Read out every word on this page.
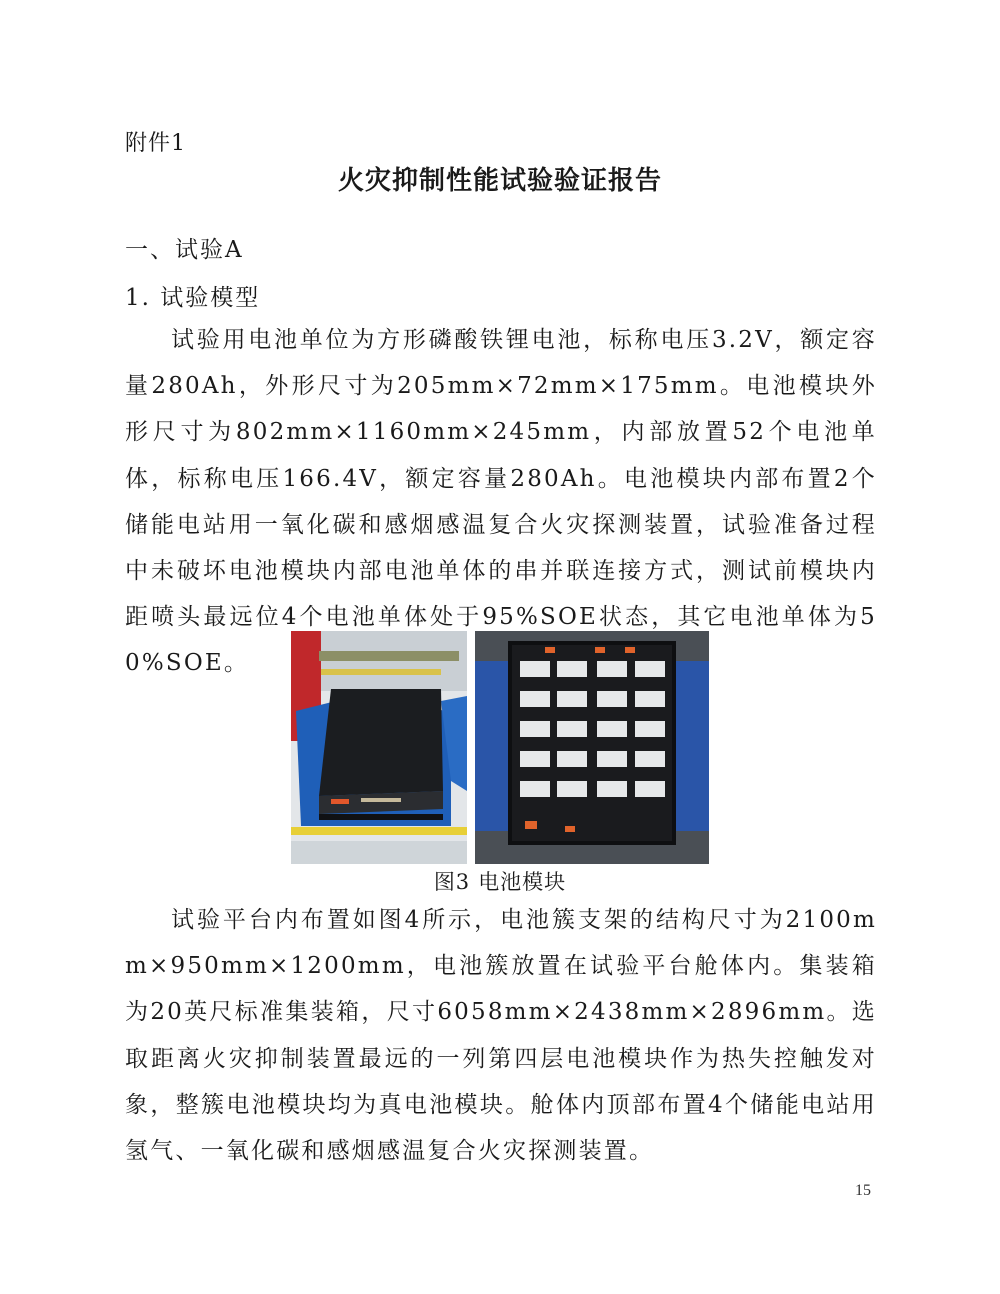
附件1
火灾抑制性能试验验证报告
一、试验A
1. 试验模型

试验用电池单位为方形磷酸铁锂电池，标称电压3.2V，额定容量280Ah，外形尺寸为205mm×72mm×175mm。电池模块外形尺寸为802mm×1160mm×245mm，内部放置52个电池单体，标称电压166.4V，额定容量280Ah。电池模块内部布置2个储能电站用一氧化碳和感烟感温复合火灾探测装置，试验准备过程中未破坏电池模块内部电池单体的串并联连接方式，测试前模块内距喷头最远位4个电池单体处于95%SOE状态，其它电池单体为50%SOE。

图3 电池模块

试验平台内布置如图4所示，电池簇支架的结构尺寸为2100mm×950mm×1200mm，电池簇放置在试验平台舱体内。集装箱为20英尺标准集装箱，尺寸6058mm×2438mm×2896mm。选取距离火灾抑制装置最远的一列第四层电池模块作为热失控触发对象，整簇电池模块均为真电池模块。舱体内顶部布置4个储能电站用氢气、一氧化碳和感烟感温复合火灾探测装置。

15
